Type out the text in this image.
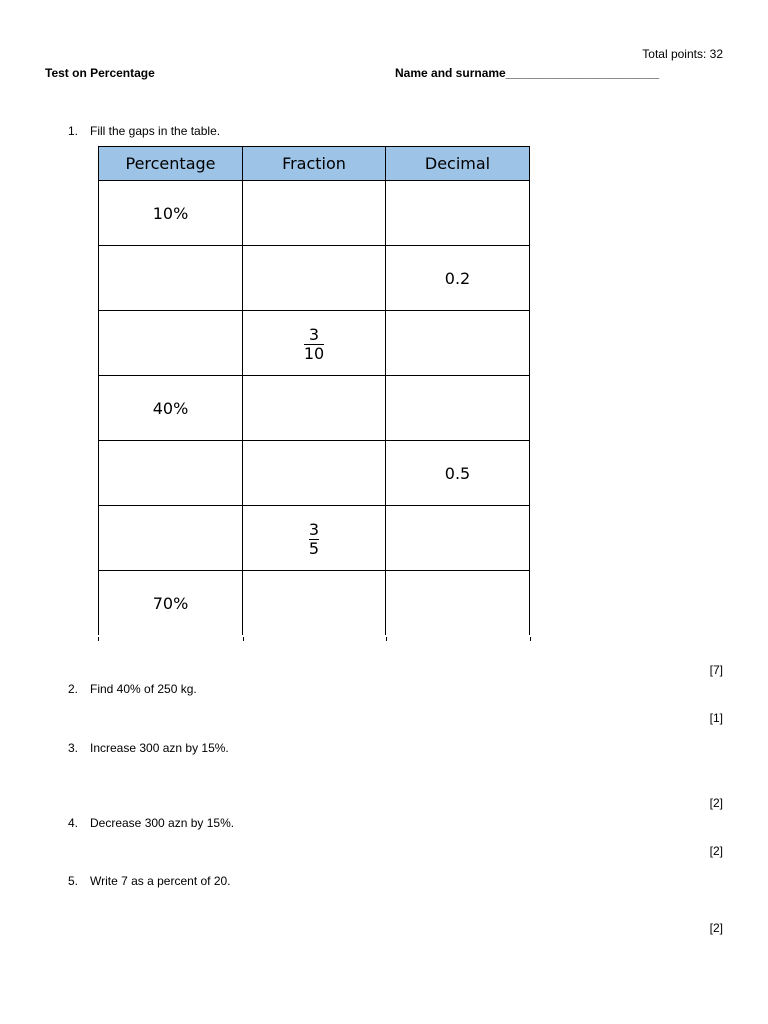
Total points: 32
Test on Percentage	Name and surname_______________________
1. Fill the gaps in the table.
Percentage	Fraction	Decimal
10%		
		0.2

	$\frac{3}{10}$

40%		
		0.5

	$\frac{3}{5}$

70%		
[7]
2. Find 40% of 250 kg.
[1]
3. Increase 300 azn by 15%.
[2]
4. Decrease 300 azn by 15%.
[2]
5. Write 7 as a percent of 20.
[2]
